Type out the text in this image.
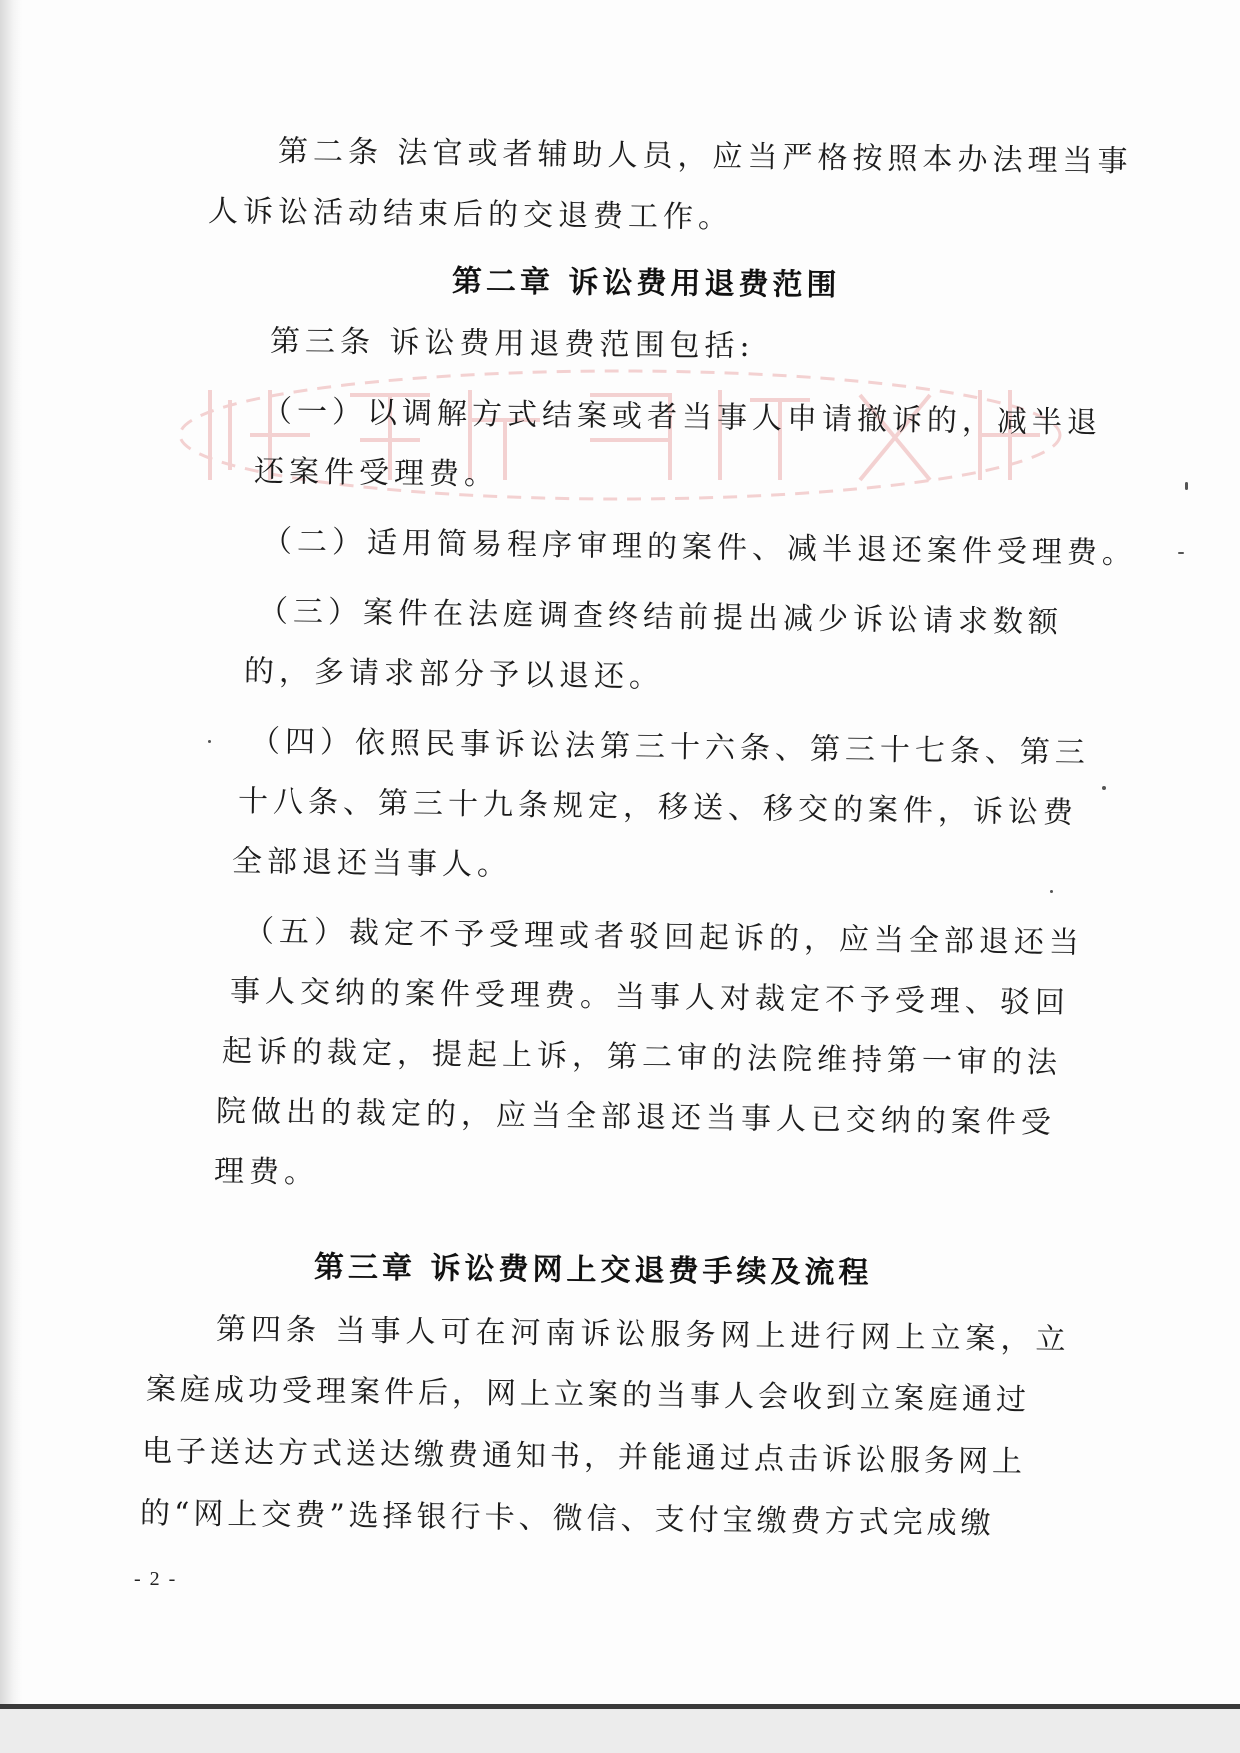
第二条 法官或者辅助人员，应当严格按照本办法理当事

人诉讼活动结束后的交退费工作。

第二章 诉讼费用退费范围

第三条 诉讼费用退费范围包括:

（一）以调解方式结案或者当事人申请撤诉的，减半退

还案件受理费。

（二）适用简易程序审理的案件、减半退还案件受理费。

（三）案件在法庭调查终结前提出减少诉讼请求数额

的，多请求部分予以退还。

（四）依照民事诉讼法第三十六条、第三十七条、第三

十八条、第三十九条规定，移送、移交的案件，诉讼费

全部退还当事人。

（五）裁定不予受理或者驳回起诉的，应当全部退还当

事人交纳的案件受理费。当事人对裁定不予受理、驳回

起诉的裁定，提起上诉，第二审的法院维持第一审的法

院做出的裁定的，应当全部退还当事人已交纳的案件受

理费。

第三章 诉讼费网上交退费手续及流程

第四条 当事人可在河南诉讼服务网上进行网上立案，立

案庭成功受理案件后，网上立案的当事人会收到立案庭通过

电子送达方式送达缴费通知书，并能通过点击诉讼服务网上

的“网上交费”选择银行卡、微信、支付宝缴费方式完成缴

- 2 -
